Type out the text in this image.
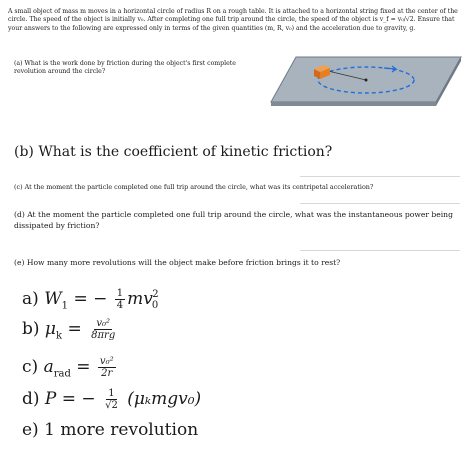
A small object of mass m moves in a horizontal circle of radius R on a rough table. It is attached to a horizontal string fixed at the center of the circle. The speed of the object is initially v₀. After completing one full trip around the circle, the speed of the object is v_f = v₀/√2. Ensure that your answers to the following are expressed only in terms of the given quantities (m, R, v₀) and the acceleration due to gravity, g.

(a) What is the work done by friction during the object's first complete revolution around the circle?
(b) What is the coefficient of kinetic friction?
(c) At the moment the particle completed one full trip around the circle, what was its centripetal acceleration?
(d) At the moment the particle completed one full trip around the circle, what was the instantaneous power being dissipated by friction?
(e) How many more revolutions will the object make before friction brings it to rest?
a) $W_1$ = − $\frac{1}{4} mv_0^2$
b) $\mu_k = \frac{\text{v₀²}}{\text{8πrg}}$
c) $a_{rad} = \frac{\text{v₀²}}{2r}$
d) P = − $\frac{1}{√2} (\mu_kmgv_0)$
e) 1 more revolution
